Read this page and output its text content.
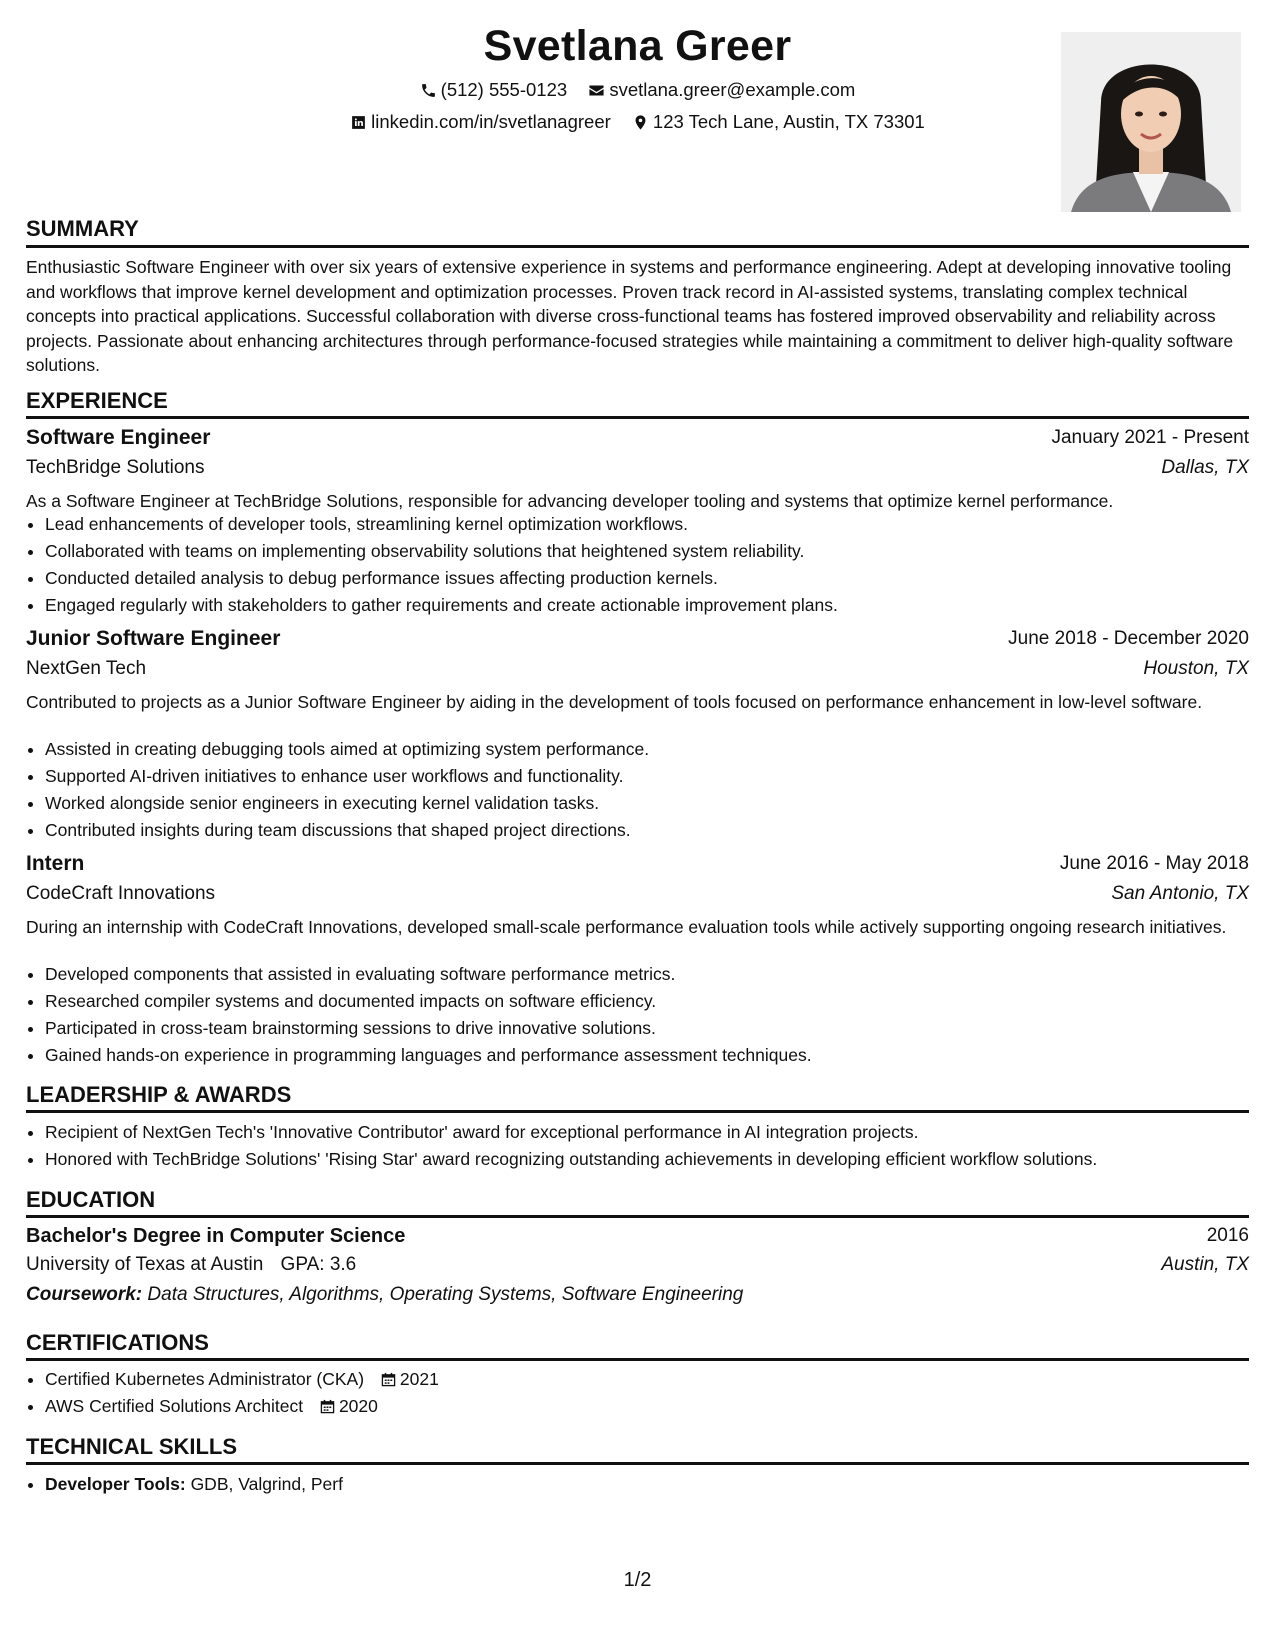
Svetlana Greer
(512) 555-0123
svetlana.greer@example.com
linkedin.com/in/svetlanagreer
123 Tech Lane, Austin, TX 73301
SUMMARY
Enthusiastic Software Engineer with over six years of extensive experience in systems and performance engineering. Adept at developing innovative tooling and workflows that improve kernel development and optimization processes. Proven track record in AI-assisted systems, translating complex technical concepts into practical applications. Successful collaboration with diverse cross-functional teams has fostered improved observability and reliability across projects. Passionate about enhancing architectures through performance-focused strategies while maintaining a commitment to deliver high-quality software solutions.
EXPERIENCE
Software Engineer	January 2021 - Present
TechBridge Solutions	Dallas, TX
As a Software Engineer at TechBridge Solutions, responsible for advancing developer tooling and systems that optimize kernel performance.
• Lead enhancements of developer tools, streamlining kernel optimization workflows.
• Collaborated with teams on implementing observability solutions that heightened system reliability.
• Conducted detailed analysis to debug performance issues affecting production kernels.
• Engaged regularly with stakeholders to gather requirements and create actionable improvement plans.
Junior Software Engineer	June 2018 - December 2020
NextGen Tech	Houston, TX
Contributed to projects as a Junior Software Engineer by aiding in the development of tools focused on performance enhancement in low-level software.
• Assisted in creating debugging tools aimed at optimizing system performance.
• Supported AI-driven initiatives to enhance user workflows and functionality.
• Worked alongside senior engineers in executing kernel validation tasks.
• Contributed insights during team discussions that shaped project directions.
Intern	June 2016 - May 2018
CodeCraft Innovations	San Antonio, TX
During an internship with CodeCraft Innovations, developed small-scale performance evaluation tools while actively supporting ongoing research initiatives.
• Developed components that assisted in evaluating software performance metrics.
• Researched compiler systems and documented impacts on software efficiency.
• Participated in cross-team brainstorming sessions to drive innovative solutions.
• Gained hands-on experience in programming languages and performance assessment techniques.
LEADERSHIP & AWARDS
• Recipient of NextGen Tech's 'Innovative Contributor' award for exceptional performance in AI integration projects.
• Honored with TechBridge Solutions' 'Rising Star' award recognizing outstanding achievements in developing efficient workflow solutions.
EDUCATION
Bachelor's Degree in Computer Science	2016
University of Texas at Austin GPA: 3.6	Austin, TX
Coursework: Data Structures, Algorithms, Operating Systems, Software Engineering
CERTIFICATIONS
• Certified Kubernetes Administrator (CKA) 2021
• AWS Certified Solutions Architect 2020
TECHNICAL SKILLS
• Developer Tools: GDB, Valgrind, Perf
1/2
